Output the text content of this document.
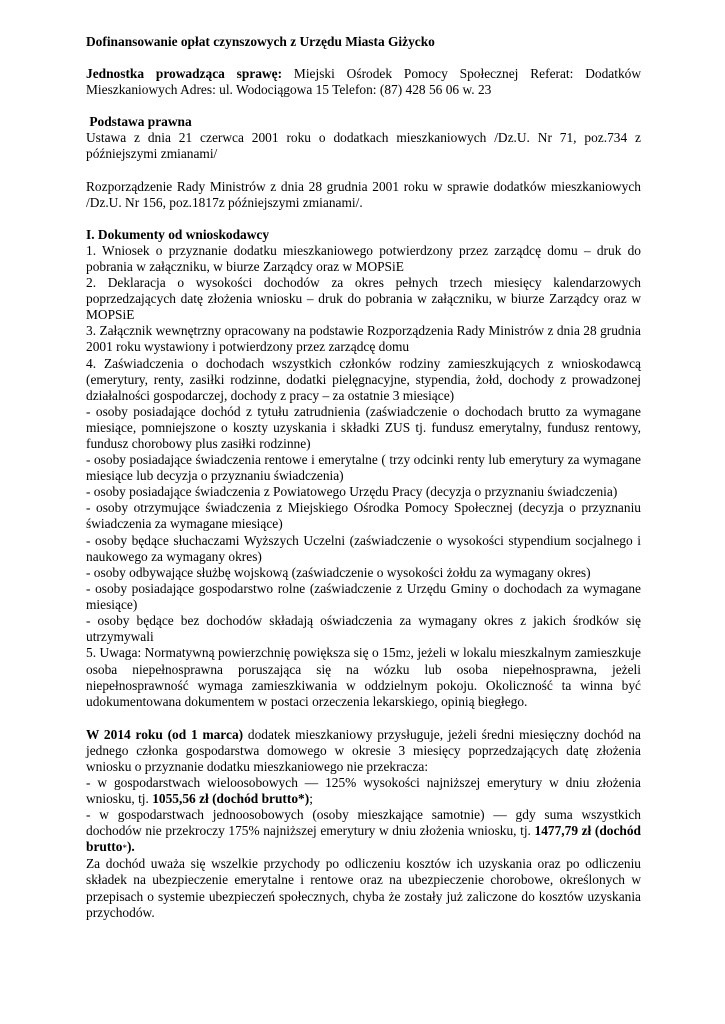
Dofinansowanie opłat czynszowych z Urzędu Miasta Giżycko

Jednostka prowadząca sprawę: Miejski Ośrodek Pomocy Społecznej Referat: Dodatków Mieszkaniowych Adres: ul. Wodociągowa 15 Telefon: (87) 428 56 06 w. 23

Podstawa prawna

Ustawa z dnia 21 czerwca 2001 roku o dodatkach mieszkaniowych /Dz.U. Nr 71, poz.734 z późniejszymi zmianami/

Rozporządzenie Rady Ministrów z dnia 28 grudnia 2001 roku w sprawie dodatków mieszkaniowych /Dz.U. Nr 156, poz.1817z późniejszymi zmianami/.

I. Dokumenty od wnioskodawcy

1. Wniosek o przyznanie dodatku mieszkaniowego potwierdzony przez zarządcę domu – druk do pobrania w załączniku, w biurze Zarządcy oraz w MOPSiE

2. Deklaracja o wysokości dochodów za okres pełnych trzech miesięcy kalendarzowych poprzedzających datę złożenia wniosku – druk do pobrania w załączniku, w biurze Zarządcy oraz w MOPSiE

3. Załącznik wewnętrzny opracowany na podstawie Rozporządzenia Rady Ministrów z dnia 28 grudnia 2001 roku wystawiony i potwierdzony przez zarządcę domu

4. Zaświadczenia o dochodach wszystkich członków rodziny zamieszkujących z wnioskodawcą (emerytury, renty, zasiłki rodzinne, dodatki pielęgnacyjne, stypendia, żołd, dochody z prowadzonej działalności gospodarczej, dochody z pracy – za ostatnie 3 miesiące)

- osoby posiadające dochód z tytułu zatrudnienia (zaświadczenie o dochodach brutto za wymagane miesiące, pomniejszone o koszty uzyskania i składki ZUS tj. fundusz emerytalny, fundusz rentowy, fundusz chorobowy plus zasiłki rodzinne)

- osoby posiadające świadczenia rentowe i emerytalne ( trzy odcinki renty lub emerytury za wymagane miesiące lub decyzja o przyznaniu świadczenia)

- osoby posiadające świadczenia z Powiatowego Urzędu Pracy (decyzja o przyznaniu świadczenia)

- osoby otrzymujące świadczenia z Miejskiego Ośrodka Pomocy Społecznej (decyzja o przyznaniu świadczenia za wymagane miesiące)

- osoby będące słuchaczami Wyższych Uczelni (zaświadczenie o wysokości stypendium socjalnego i naukowego za wymagany okres)

- osoby odbywające służbę wojskową (zaświadczenie o wysokości żołdu za wymagany okres)

- osoby posiadające gospodarstwo rolne (zaświadczenie z Urzędu Gminy o dochodach za wymagane miesiące)

- osoby będące bez dochodów składają oświadczenia za wymagany okres z jakich środków się utrzymywali

5. Uwaga: Normatywną powierzchnię powiększa się o 15m2, jeżeli w lokalu mieszkalnym zamieszkuje osoba niepełnosprawna poruszająca się na wózku lub osoba niepełnosprawna, jeżeli niepełnosprawność wymaga zamieszkiwania w oddzielnym pokoju. Okoliczność ta winna być udokumentowana dokumentem w postaci orzeczenia lekarskiego, opinią biegłego.

W 2014 roku (od 1 marca) dodatek mieszkaniowy przysługuje, jeżeli średni miesięczny dochód na jednego członka gospodarstwa domowego w okresie 3 miesięcy poprzedzających datę złożenia wniosku o przyznanie dodatku mieszkaniowego nie przekracza:

- w gospodarstwach wieloosobowych — 125% wysokości najniższej emerytury w dniu złożenia wniosku, tj. 1055,56 zł (dochód brutto*);

- w gospodarstwach jednoosobowych (osoby mieszkające samotnie) — gdy suma wszystkich dochodów nie przekroczy 175% najniższej emerytury w dniu złożenia wniosku, tj. 1477,79 zł (dochód brutto*).

Za dochód uważa się wszelkie przychody po odliczeniu kosztów ich uzyskania oraz po odliczeniu składek na ubezpieczenie emerytalne i rentowe oraz na ubezpieczenie chorobowe, określonych w przepisach o systemie ubezpieczeń społecznych, chyba że zostały już zaliczone do kosztów uzyskania przychodów.
